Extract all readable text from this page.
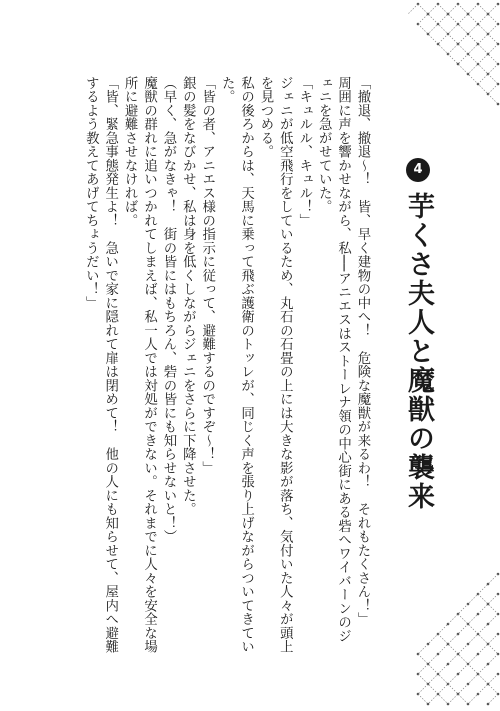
4
芋くさ夫人と魔獣の襲来

「撤退、撤退〜！　皆、早く建物の中へ！　危険な魔獣が来るわ！　それもたくさん！」

周囲に声を響かせながら、私──アニエスはストーレナ領の中心街にある砦へワイバーンのジェニを急がせていた。

「キュルル、キュル！」

ジェニが低空飛行をしているため、丸石の石畳の上には大きな影が落ち、気付いた人々が頭上を見つめる。

私の後ろからは、天馬に乗って飛ぶ護衛のトッレが、同じく声を張り上げながらついてきていた。

「皆の者、アニエス様の指示に従って、避難するのですぞ〜！」

銀の髪をなびかせ、私は身を低くしながらジェニをさらに下降させた。

（早く、急がなきゃ！　街の皆にはもちろん、砦の皆にも知らせないと！）

魔獣の群れに追いつかれてしまえば、私一人では対処ができない。それまでに人々を安全な場所に避難させなければ。

「皆、緊急事態発生よ！　急いで家に隠れて扉は閉めて！　他の人にも知らせて、屋内へ避難するよう教えてあげてちょうだい！」
